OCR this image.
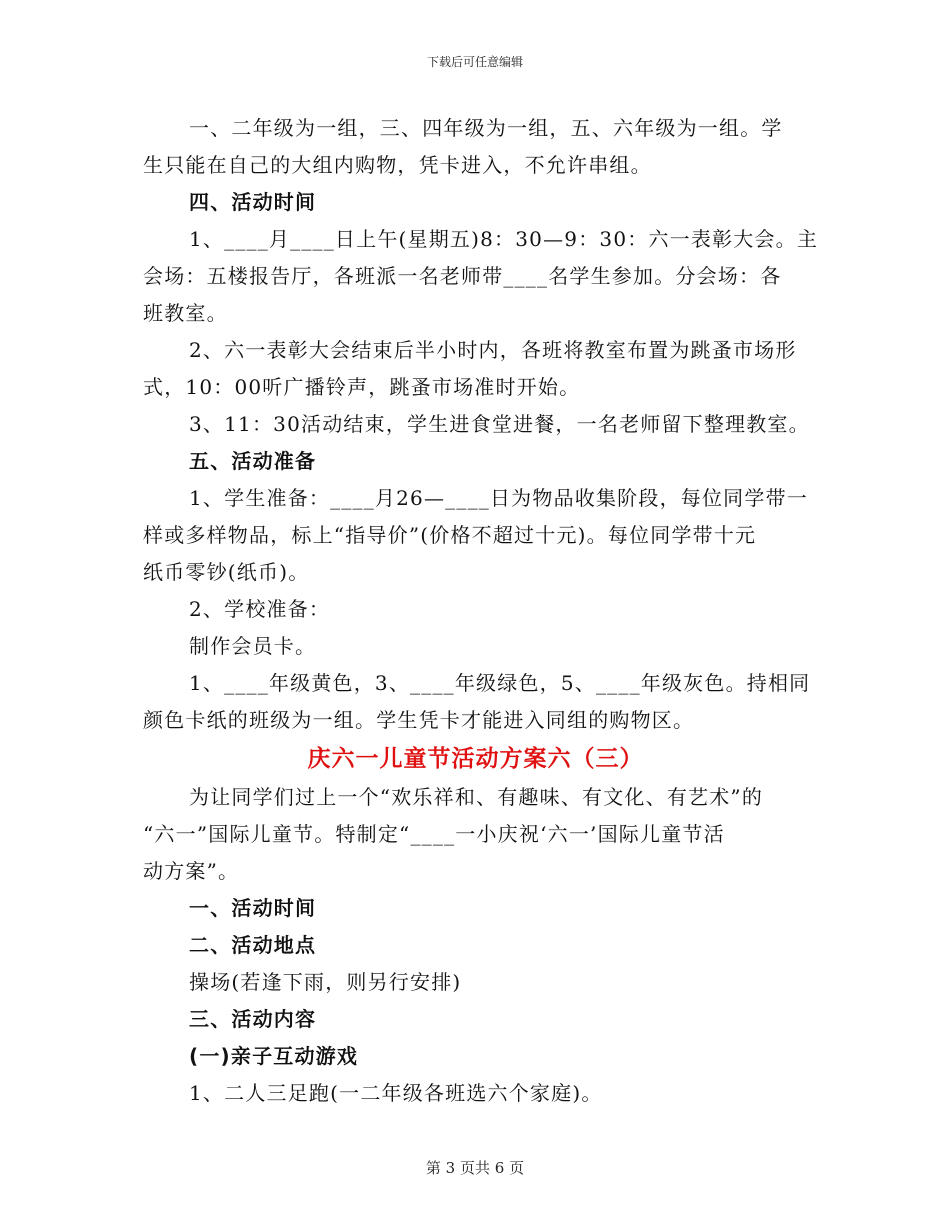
下载后可任意编辑

一、二年级为一组，三、四年级为一组，五、六年级为一组。学

生只能在自己的大组内购物，凭卡进入，不允许串组。

四、活动时间

1、____月____日上午(星期五)8：30—9：30：六一表彰大会。主

会场：五楼报告厅，各班派一名老师带____名学生参加。分会场：各

班教室。

2、六一表彰大会结束后半小时内，各班将教室布置为跳蚤市场形

式，10：00听广播铃声，跳蚤市场准时开始。

3、11：30活动结束，学生进食堂进餐，一名老师留下整理教室。

五、活动准备

1、学生准备：____月26—____日为物品收集阶段，每位同学带一

样或多样物品，标上“指导价”(价格不超过十元)。每位同学带十元

纸币零钞(纸币)。

2、学校准备：

制作会员卡。

1、____年级黄色，3、____年级绿色，5、____年级灰色。持相同

颜色卡纸的班级为一组。学生凭卡才能进入同组的购物区。

庆六一儿童节活动方案六（三）

为让同学们过上一个“欢乐祥和、有趣味、有文化、有艺术”的

“六一”国际儿童节。特制定“____一小庆祝‘六一’国际儿童节活

动方案”。

一、活动时间

二、活动地点

操场(若逢下雨，则另行安排)

三、活动内容

(一)亲子互动游戏

1、二人三足跑(一二年级各班选六个家庭)。

第 3 页共 6 页
